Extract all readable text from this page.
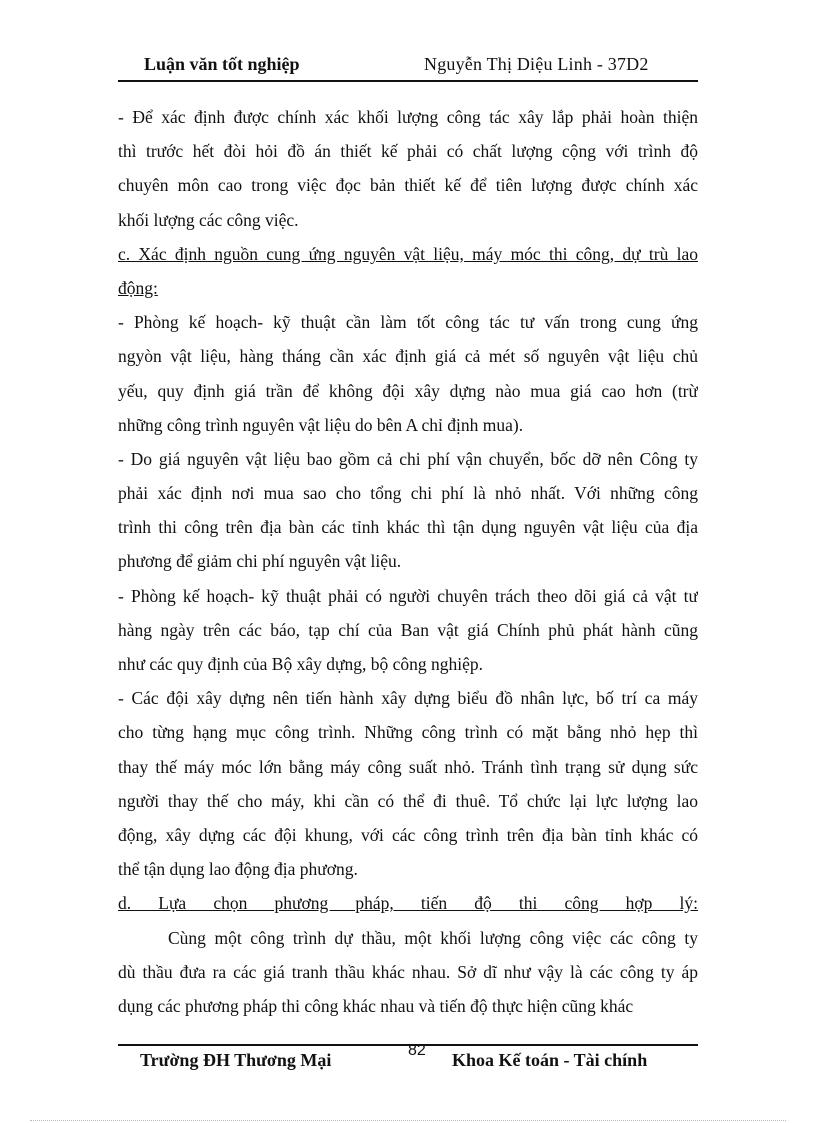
Luận văn tốt nghiệp	Nguyễn Thị Diệu Linh - 37D2
- Để xác định được chính xác khối lượng công tác xây lắp phải hoàn thiện
thì trước hết đòi hỏi đồ án thiết kế phải có chất lượng cộng với trình độ
chuyên môn cao trong việc đọc bản thiết kế để tiên lượng được chính xác
khối lượng các công việc.
c. Xác định nguồn cung ứng nguyên vật liệu, máy móc thi công, dự trù lao
động:
- Phòng kế hoạch- kỹ thuật cần làm tốt công tác tư vấn trong cung ứng
ngyòn vật liệu, hàng tháng cần xác định giá cả mét số nguyên vật liệu chủ
yếu, quy định giá trần để không đội xây dựng nào mua giá cao hơn (trừ
những công trình nguyên vật liệu do bên A chỉ định mua).
- Do giá nguyên vật liệu bao gồm cả chi phí vận chuyển, bốc dỡ nên Công ty
phải xác định nơi mua sao cho tổng chi phí là nhỏ nhất. Với những công
trình thi công trên địa bàn các tỉnh khác thì tận dụng nguyên vật liệu của địa
phương để giảm chi phí nguyên vật liệu.
- Phòng kế hoạch- kỹ thuật phải có người chuyên trách theo dõi giá cả vật tư
hàng ngày trên các báo, tạp chí của Ban vật giá Chính phủ phát hành cũng
như các quy định của Bộ xây dựng, bộ công nghiệp.
- Các đội xây dựng nên tiến hành xây dựng biểu đồ nhân lực, bố trí ca máy
cho từng hạng mục công trình. Những công trình có mặt bằng nhỏ hẹp thì
thay thế máy móc lớn bằng máy công suất nhỏ. Tránh tình trạng sử dụng sức
người thay thế cho máy, khi cần có thể đi thuê. Tổ chức lại lực lượng lao
động, xây dựng các đội khung, với các công trình trên địa bàn tỉnh khác có
thể tận dụng lao động địa phương.
d. Lựa chọn phương pháp, tiến độ thi công hợp lý:
Cùng một công trình dự thầu, một khối lượng công việc các công ty
dù thầu đưa ra các giá tranh thầu khác nhau. Sở dĩ như vậy là các công ty áp
dụng các phương pháp thi công khác nhau và tiến độ thực hiện cũng khác
Trường ĐH Thương Mại	82 Khoa Kế toán - Tài chính
